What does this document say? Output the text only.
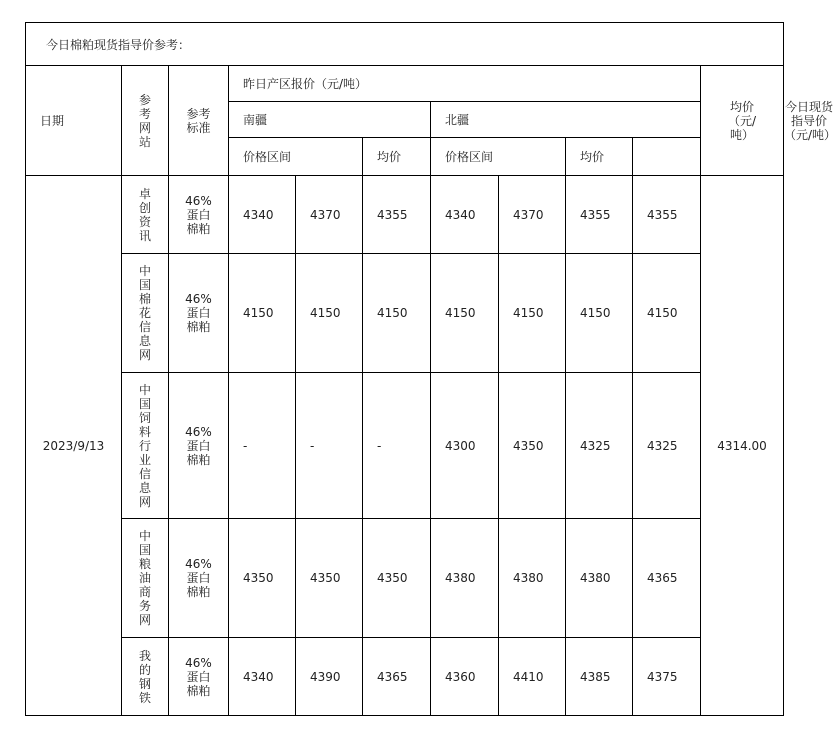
今日棉粕现货指导价参考：											
日期	参考网站	参考标准	昨日产区报价（元/吨）							均价（元/吨）	今日现货指导价（元/吨）
			南疆			北疆					
			价格区间		均价	价格区间		均价			
2023/9/13	卓创资讯	46%蛋白棉粕	4340	4370	4355	4340	4370	4355	4355	4314.00	
	中国棉花信息网	46%蛋白棉粕	4150	4150	4150	4150	4150	4150	4150		
	中国饲料行业信息网	46%蛋白棉粕	-	-	-	4300	4350	4325	4325		
	中国粮油商务网	46%蛋白棉粕	4350	4350	4350	4380	4380	4380	4365		
	我的钢铁	46%蛋白棉粕	4340	4390	4365	4360	4410	4385	4375		
